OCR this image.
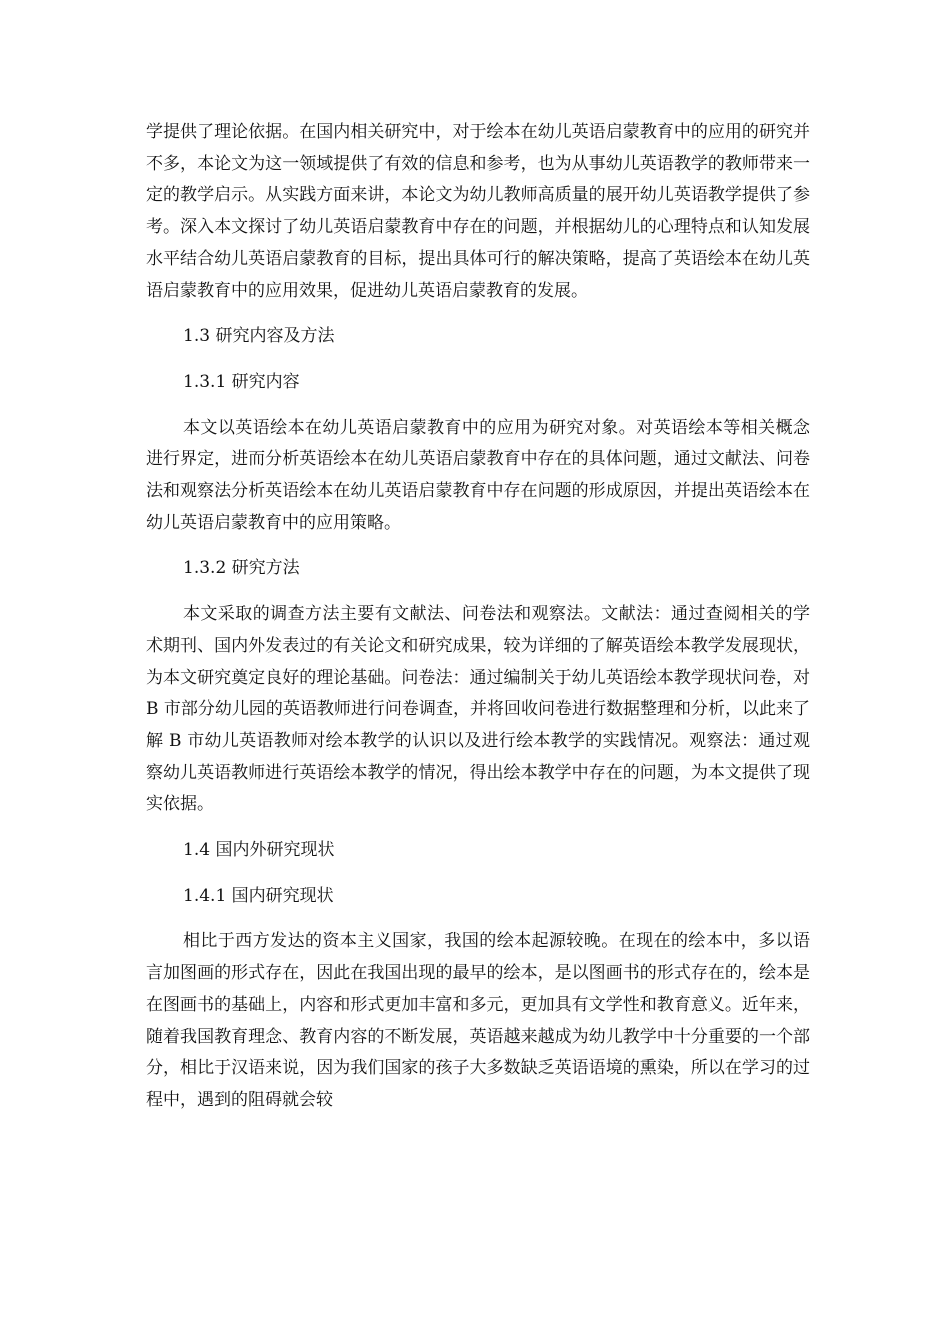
学提供了理论依据。在国内相关研究中，对于绘本在幼儿英语启蒙教育中的应用的研究并不多，本论文为这一领域提供了有效的信息和参考，也为从事幼儿英语教学的教师带来一定的教学启示。从实践方面来讲，本论文为幼儿教师高质量的展开幼儿英语教学提供了参考。深入本文探讨了幼儿英语启蒙教育中存在的问题，并根据幼儿的心理特点和认知发展水平结合幼儿英语启蒙教育的目标，提出具体可行的解决策略，提高了英语绘本在幼儿英语启蒙教育中的应用效果，促进幼儿英语启蒙教育的发展。

1.3 研究内容及方法

1.3.1 研究内容

本文以英语绘本在幼儿英语启蒙教育中的应用为研究对象。对英语绘本等相关概念进行界定，进而分析英语绘本在幼儿英语启蒙教育中存在的具体问题，通过文献法、问卷法和观察法分析英语绘本在幼儿英语启蒙教育中存在问题的形成原因，并提出英语绘本在幼儿英语启蒙教育中的应用策略。

1.3.2 研究方法

本文采取的调查方法主要有文献法、问卷法和观察法。文献法：通过查阅相关的学术期刊、国内外发表过的有关论文和研究成果，较为详细的了解英语绘本教学发展现状，为本文研究奠定良好的理论基础。问卷法：通过编制关于幼儿英语绘本教学现状问卷，对 B 市部分幼儿园的英语教师进行问卷调查，并将回收问卷进行数据整理和分析，以此来了解 B 市幼儿英语教师对绘本教学的认识以及进行绘本教学的实践情况。观察法：通过观察幼儿英语教师进行英语绘本教学的情况，得出绘本教学中存在的问题，为本文提供了现实依据。

1.4 国内外研究现状

1.4.1 国内研究现状

相比于西方发达的资本主义国家，我国的绘本起源较晚。在现在的绘本中，多以语言加图画的形式存在，因此在我国出现的最早的绘本，是以图画书的形式存在的，绘本是在图画书的基础上，内容和形式更加丰富和多元，更加具有文学性和教育意义。近年来，随着我国教育理念、教育内容的不断发展，英语越来越成为幼儿教学中十分重要的一个部分，相比于汉语来说，因为我们国家的孩子大多数缺乏英语语境的熏染，所以在学习的过程中，遇到的阻碍就会较
